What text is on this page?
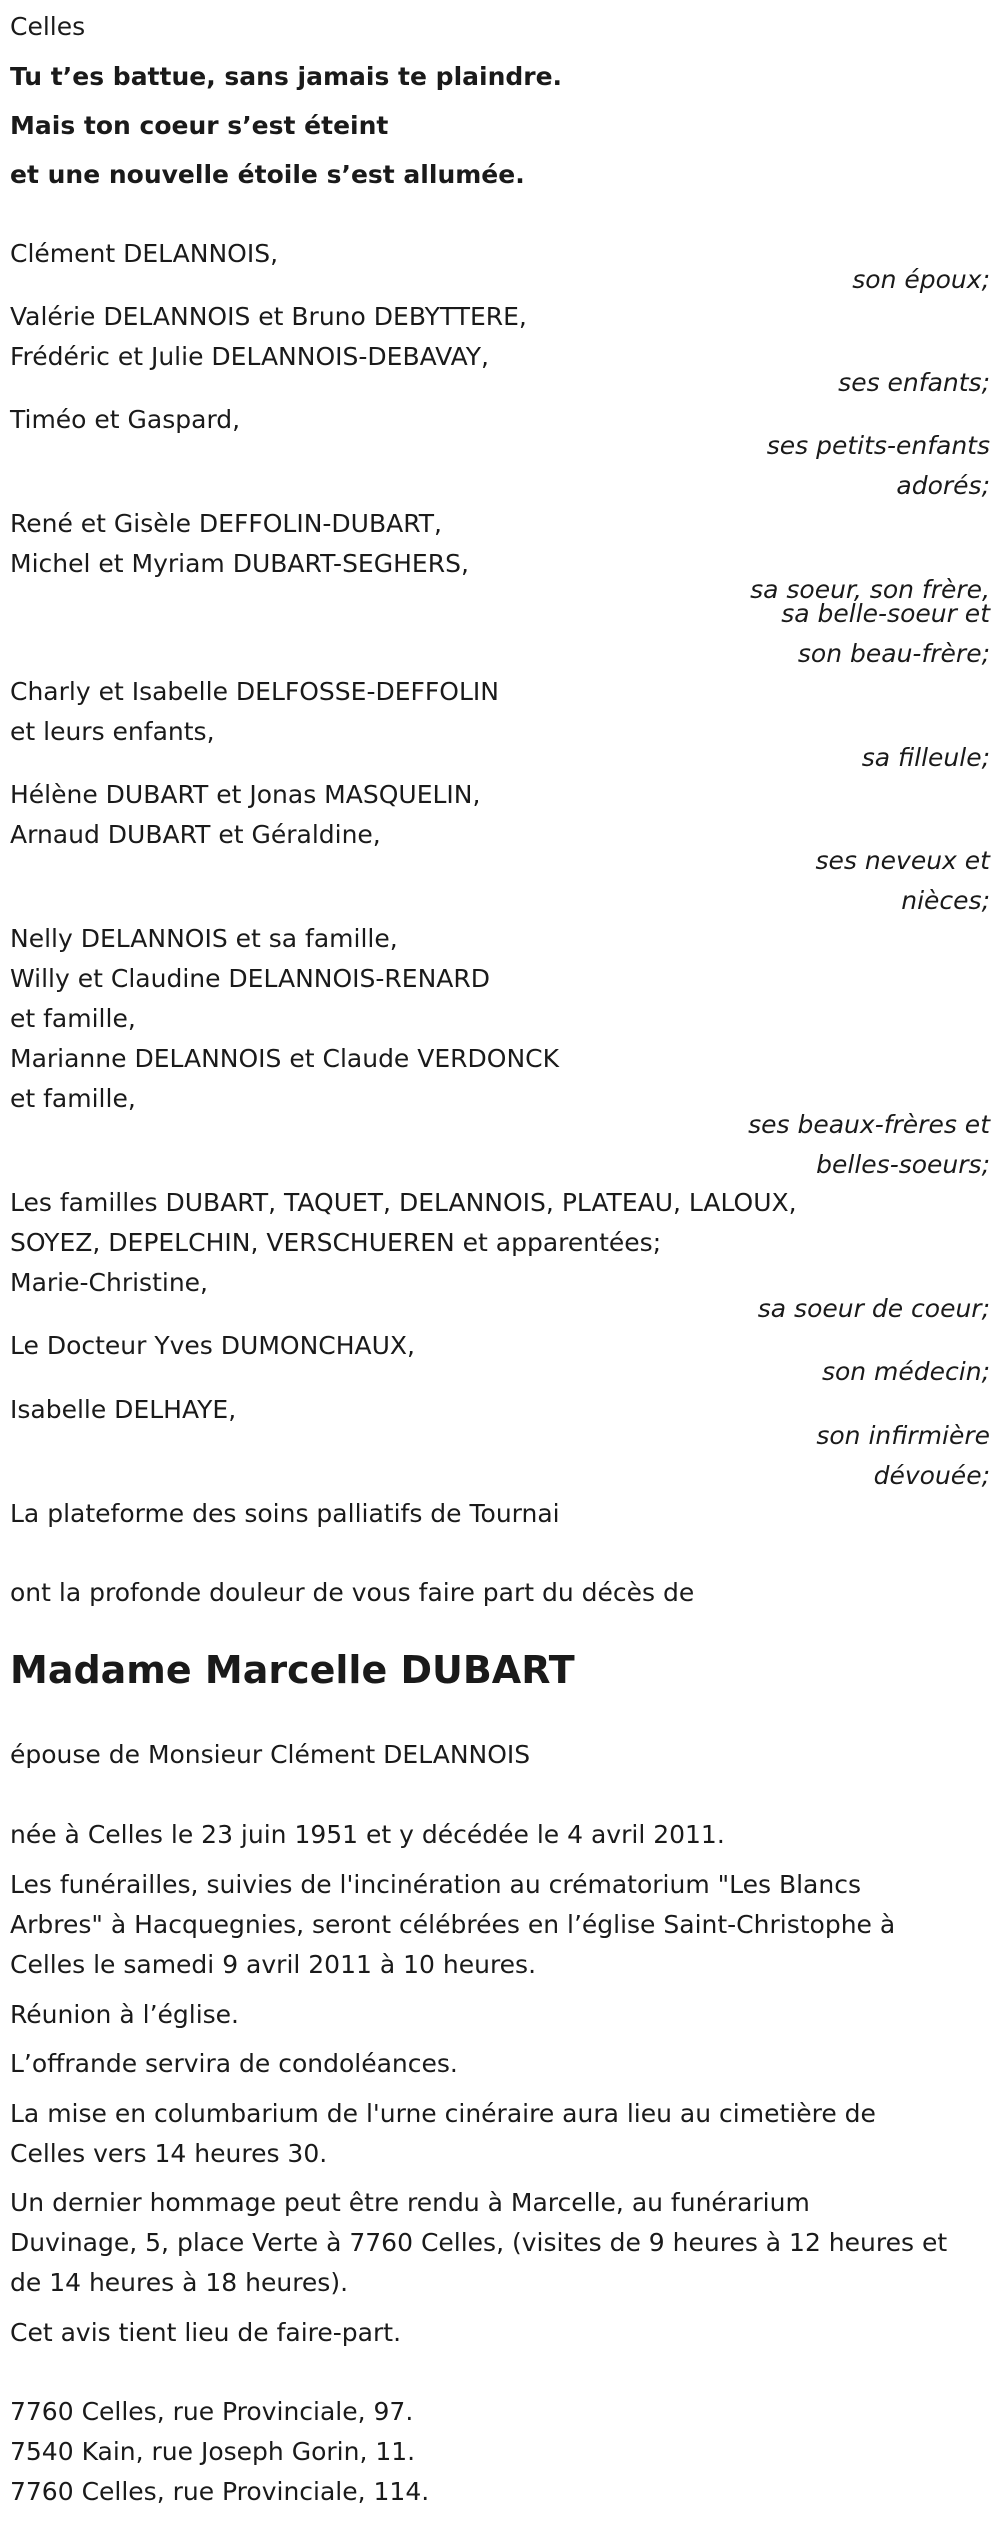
Celles
Tu t’es battue, sans jamais te plaindre.
Mais ton coeur s’est éteint
et une nouvelle étoile s’est allumée.
Clément DELANNOIS,
son époux;
Valérie DELANNOIS et Bruno DEBYTTERE,
Frédéric et Julie DELANNOIS-DEBAVAY,
ses enfants;
Timéo et Gaspard,
ses petits-enfants
adorés;
René et Gisèle DEFFOLIN-DUBART,
Michel et Myriam DUBART-SEGHERS,
sa soeur, son frère,
sa belle-soeur et
son beau-frère;
Charly et Isabelle DELFOSSE-DEFFOLIN
et leurs enfants,
sa filleule;
Hélène DUBART et Jonas MASQUELIN,
Arnaud DUBART et Géraldine,
ses neveux et
nièces;
Nelly DELANNOIS et sa famille,
Willy et Claudine DELANNOIS-RENARD
et famille,
Marianne DELANNOIS et Claude VERDONCK
et famille,
ses beaux-frères et
belles-soeurs;
Les familles DUBART, TAQUET, DELANNOIS, PLATEAU, LALOUX,
SOYEZ, DEPELCHIN, VERSCHUEREN et apparentées;
Marie-Christine,
sa soeur de coeur;
Le Docteur Yves DUMONCHAUX,
son médecin;
Isabelle DELHAYE,
son infirmière
dévouée;
La plateforme des soins palliatifs de Tournai
ont la profonde douleur de vous faire part du décès de
Madame Marcelle DUBART
épouse de Monsieur Clément DELANNOIS
née à Celles le 23 juin 1951 et y décédée le 4 avril 2011.
Les funérailles, suivies de l'incinération au crématorium "Les Blancs
Arbres" à Hacquegnies, seront célébrées en l’église Saint-Christophe à
Celles le samedi 9 avril 2011 à 10 heures.
Réunion à l’église.
L’offrande servira de condoléances.
La mise en columbarium de l'urne cinéraire aura lieu au cimetière de
Celles vers 14 heures 30.
Un dernier hommage peut être rendu à Marcelle, au funérarium
Duvinage, 5, place Verte à 7760 Celles, (visites de 9 heures à 12 heures et
de 14 heures à 18 heures).
Cet avis tient lieu de faire-part.
7760 Celles, rue Provinciale, 97.
7540 Kain, rue Joseph Gorin, 11.
7760 Celles, rue Provinciale, 114.
